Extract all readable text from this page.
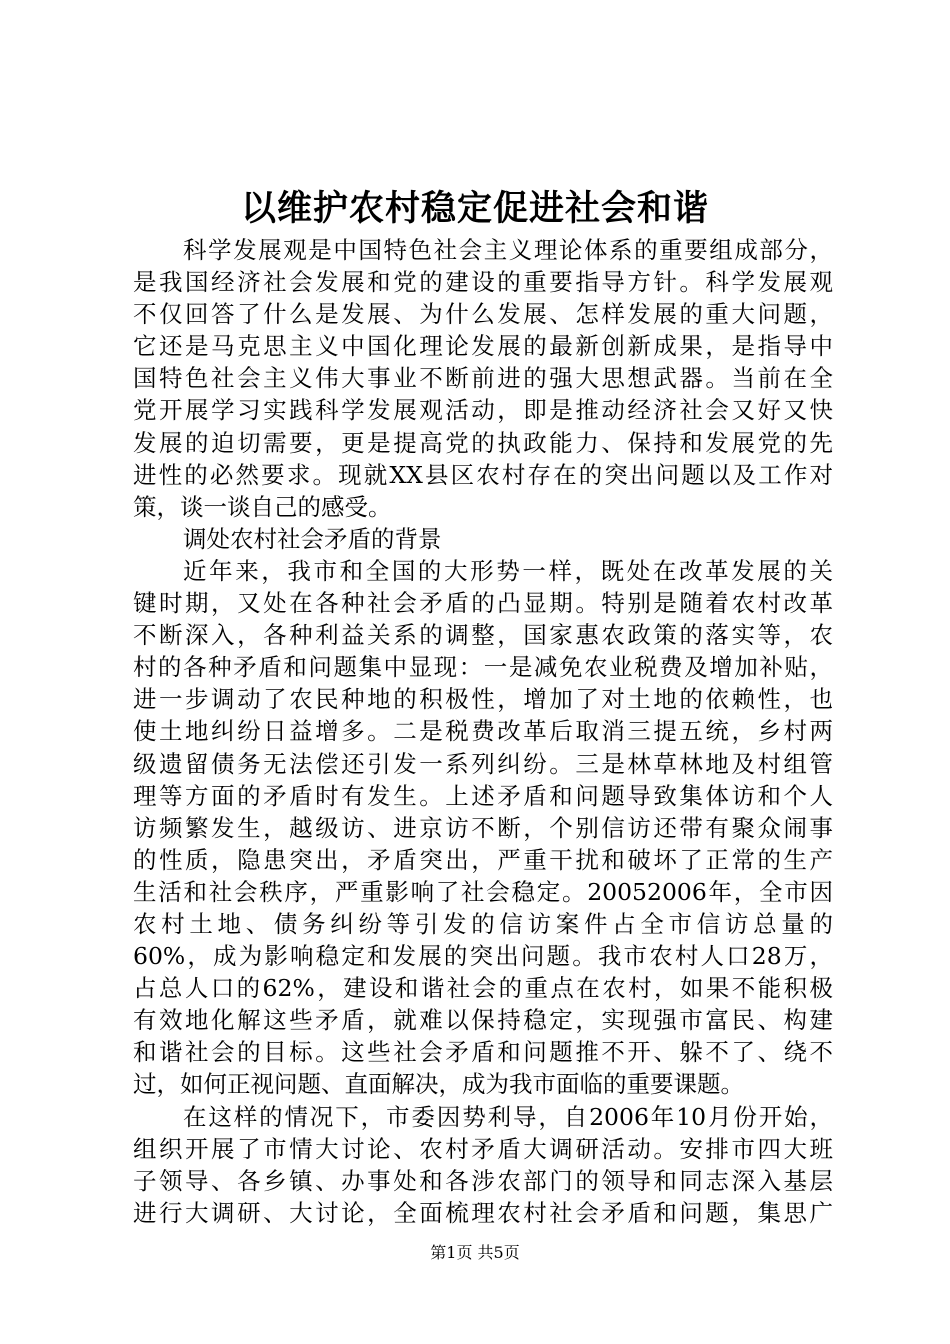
以维护农村稳定促进社会和谐
科学发展观是中国特色社会主义理论体系的重要组成部分，
是我国经济社会发展和党的建设的重要指导方针。科学发展观
不仅回答了什么是发展、为什么发展、怎样发展的重大问题，
它还是马克思主义中国化理论发展的最新创新成果，是指导中
国特色社会主义伟大事业不断前进的强大思想武器。当前在全
党开展学习实践科学发展观活动，即是推动经济社会又好又快
发展的迫切需要，更是提高党的执政能力、保持和发展党的先
进性的必然要求。现就XX县区农村存在的突出问题以及工作对
策，谈一谈自己的感受。
调处农村社会矛盾的背景
近年来，我市和全国的大形势一样，既处在改革发展的关
键时期，又处在各种社会矛盾的凸显期。特别是随着农村改革
不断深入，各种利益关系的调整，国家惠农政策的落实等，农
村的各种矛盾和问题集中显现：一是减免农业税费及增加补贴，
进一步调动了农民种地的积极性，增加了对土地的依赖性，也
使土地纠纷日益增多。二是税费改革后取消三提五统，乡村两
级遗留债务无法偿还引发一系列纠纷。三是林草林地及村组管
理等方面的矛盾时有发生。上述矛盾和问题导致集体访和个人
访频繁发生，越级访、进京访不断，个别信访还带有聚众闹事
的性质，隐患突出，矛盾突出，严重干扰和破坏了正常的生产
生活和社会秩序，严重影响了社会稳定。20052006年，全市因
农村土地、债务纠纷等引发的信访案件占全市信访总量的
60%，成为影响稳定和发展的突出问题。我市农村人口28万，
占总人口的62%，建设和谐社会的重点在农村，如果不能积极
有效地化解这些矛盾，就难以保持稳定，实现强市富民、构建
和谐社会的目标。这些社会矛盾和问题推不开、躲不了、绕不
过，如何正视问题、直面解决，成为我市面临的重要课题。
在这样的情况下，市委因势利导，自2006年10月份开始，
组织开展了市情大讨论、农村矛盾大调研活动。安排市四大班
子领导、各乡镇、办事处和各涉农部门的领导和同志深入基层
进行大调研、大讨论，全面梳理农村社会矛盾和问题，集思广
第1页 共5页
